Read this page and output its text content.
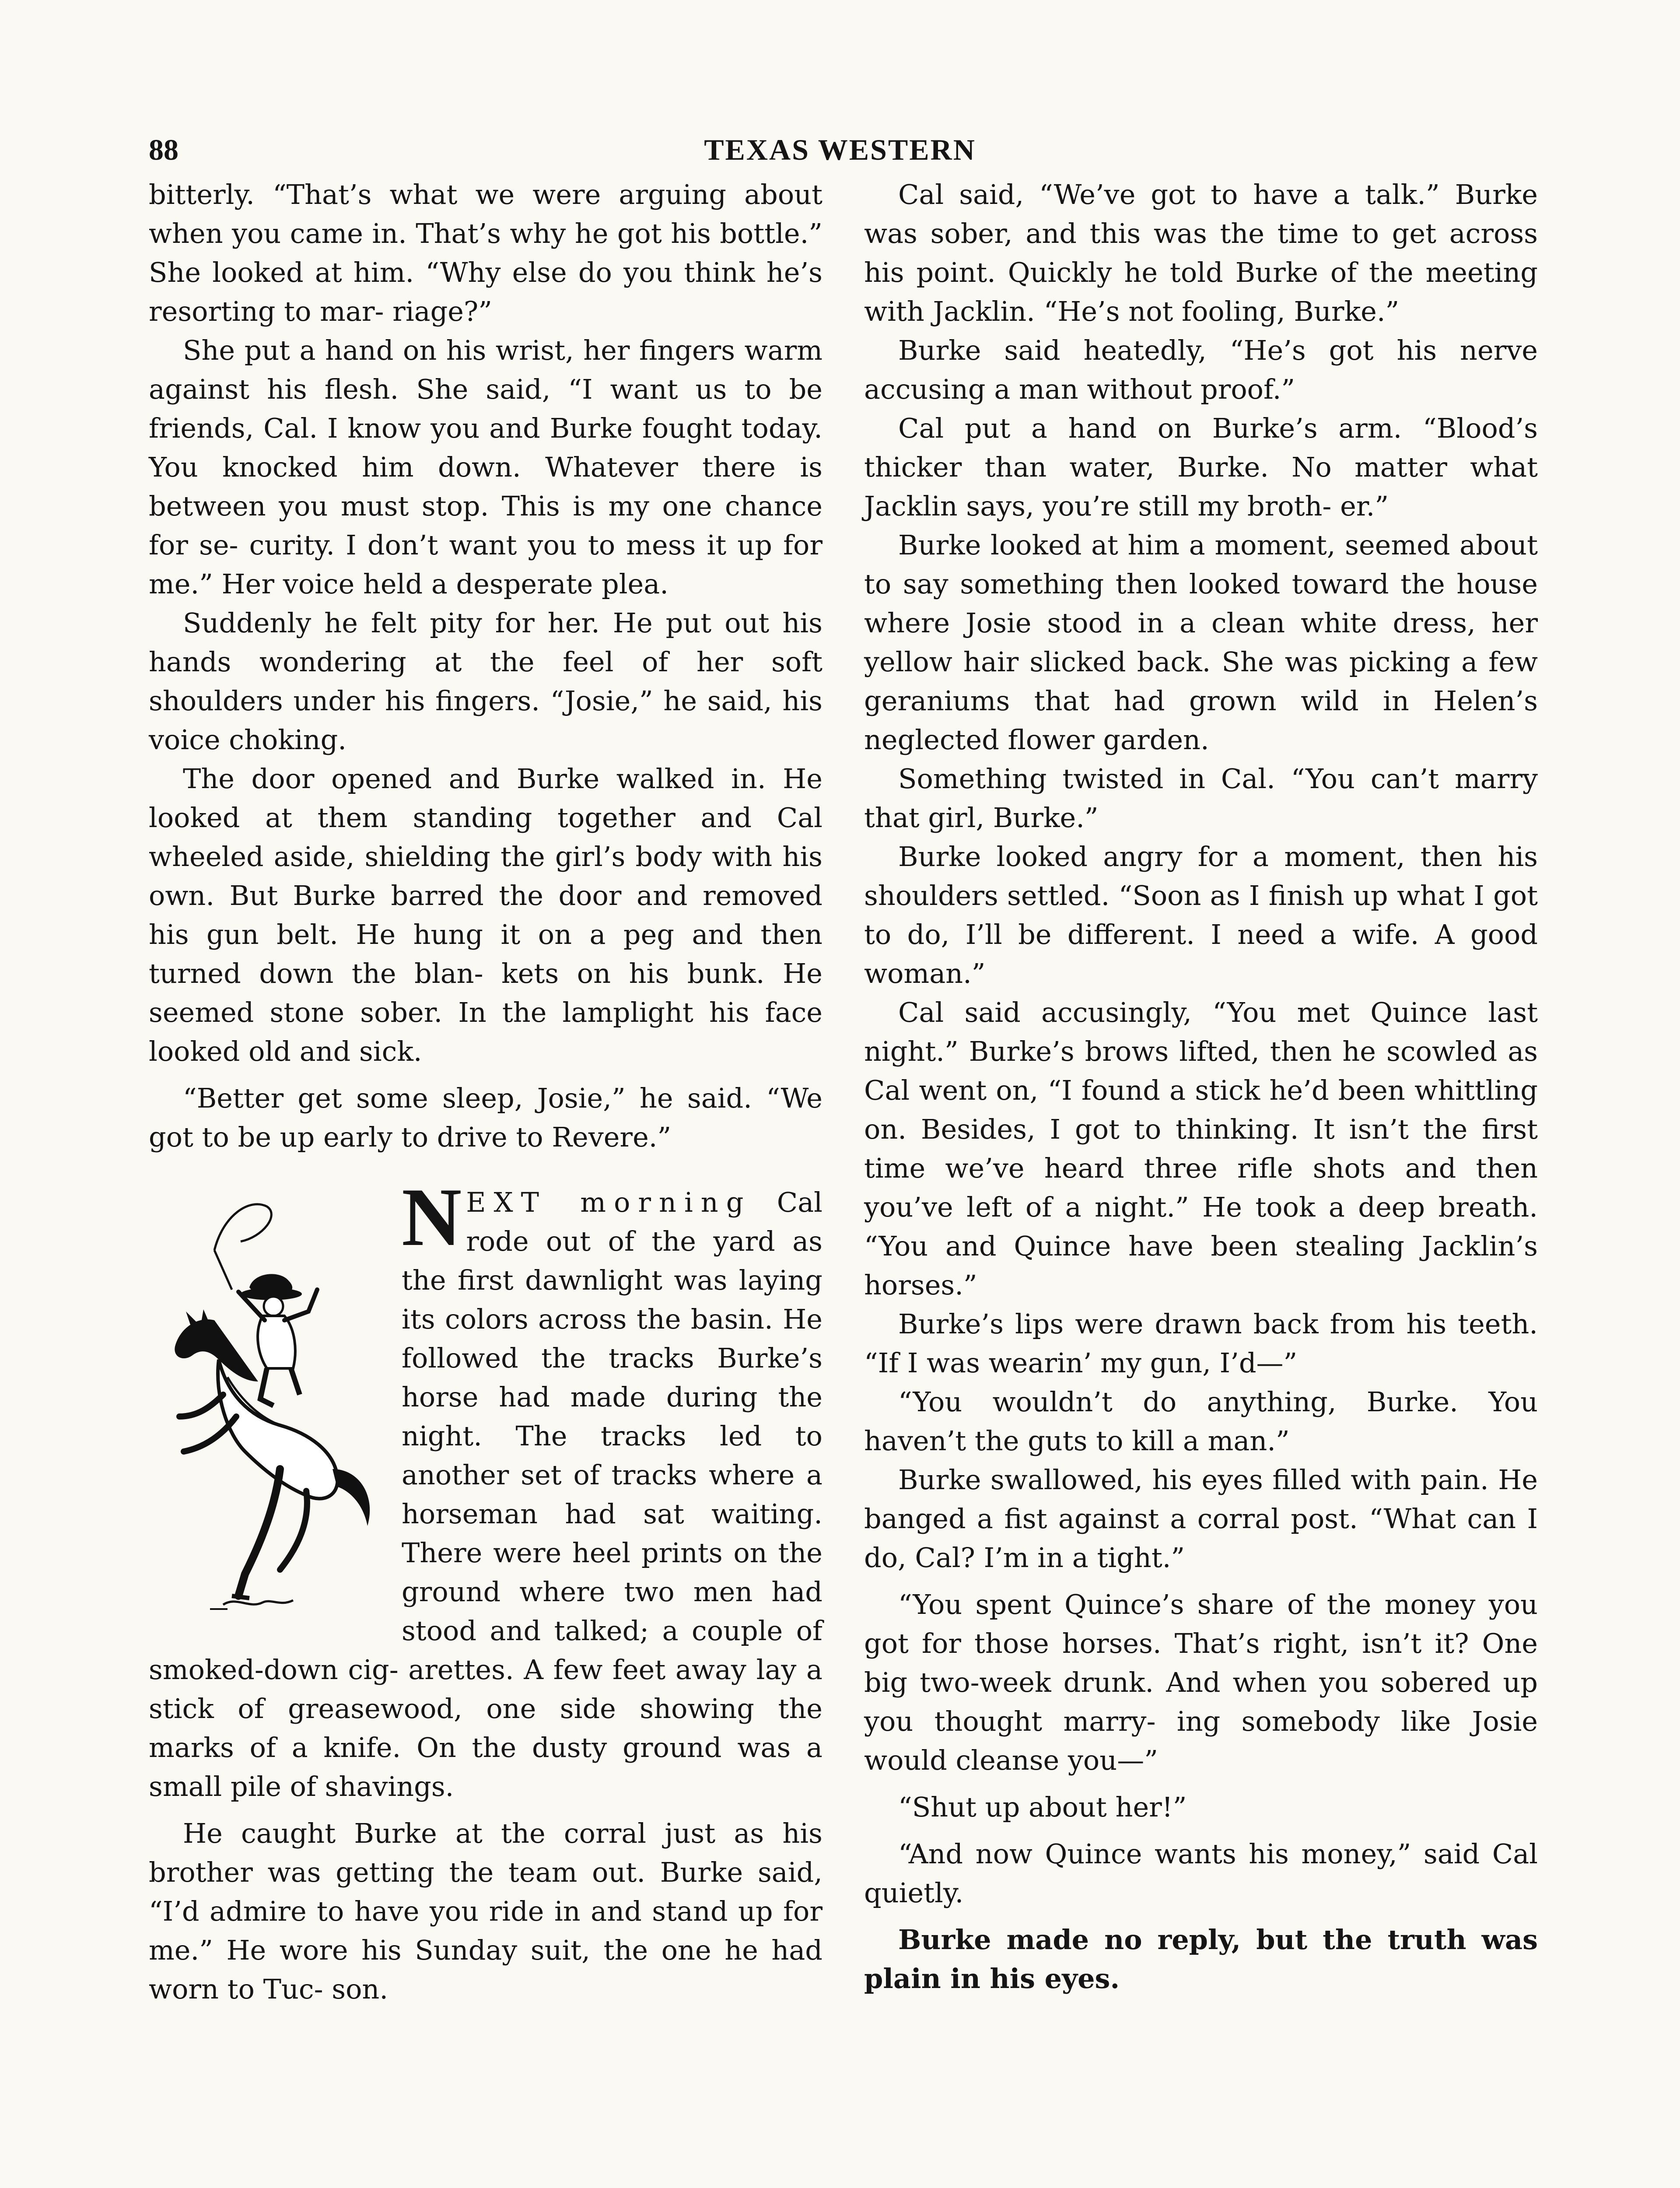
88	TEXAS WESTERN

bitterly. “That’s what we were arguing about when you came in. That’s why he got his bottle.” She looked at him. “Why else do you think he’s resorting to mar- riage?”

She put a hand on his wrist, her fingers warm against his flesh. She said, “I want us to be friends, Cal. I know you and Burke fought today. You knocked him down. Whatever there is between you must stop. This is my one chance for se- curity. I don’t want you to mess it up for me.” Her voice held a desperate plea.

Suddenly he felt pity for her. He put out his hands wondering at the feel of her soft shoulders under his fingers. “Josie,” he said, his voice choking.

The door opened and Burke walked in. He looked at them standing together and Cal wheeled aside, shielding the girl’s body with his own. But Burke barred the door and removed his gun belt. He hung it on a peg and then turned down the blan- kets on his bunk. He seemed stone sober. In the lamplight his face looked old and sick.

“Better get some sleep, Josie,” he said. “We got to be up early to drive to Revere.”

NEXT morning Cal rode out of the yard as the first dawnlight was laying its colors across the basin. He followed the tracks Burke’s horse had made during the night. The tracks led to another set of tracks where a horseman had sat waiting. There were heel prints on the ground where two men had stood and talked; a couple of smoked-down cig- arettes. A few feet away lay a stick of greasewood, one side showing the marks of a knife. On the dusty ground was a small pile of shavings.

He caught Burke at the corral just as his brother was getting the team out. Burke said, “I’d admire to have you ride in and stand up for me.” He wore his Sunday suit, the one he had worn to Tuc- son.

Cal said, “We’ve got to have a talk.” Burke was sober, and this was the time to get across his point. Quickly he told Burke of the meeting with Jacklin. “He’s not fooling, Burke.”

Burke said heatedly, “He’s got his nerve accusing a man without proof.”

Cal put a hand on Burke’s arm. “Blood’s thicker than water, Burke. No matter what Jacklin says, you’re still my broth- er.”

Burke looked at him a moment, seemed about to say something then looked toward the house where Josie stood in a clean white dress, her yellow hair slicked back. She was picking a few geraniums that had grown wild in Helen’s neglected flower garden.

Something twisted in Cal. “You can’t marry that girl, Burke.”

Burke looked angry for a moment, then his shoulders settled. “Soon as I finish up what I got to do, I’ll be different. I need a wife. A good woman.”

Cal said accusingly, “You met Quince last night.” Burke’s brows lifted, then he scowled as Cal went on, “I found a stick he’d been whittling on. Besides, I got to thinking. It isn’t the first time we’ve heard three rifle shots and then you’ve left of a night.” He took a deep breath. “You and Quince have been stealing Jacklin’s horses.”

Burke’s lips were drawn back from his teeth. “If I was wearin’ my gun, I’d—”

“You wouldn’t do anything, Burke. You haven’t the guts to kill a man.”

Burke swallowed, his eyes filled with pain. He banged a fist against a corral post. “What can I do, Cal? I’m in a tight.”

“You spent Quince’s share of the money you got for those horses. That’s right, isn’t it? One big two-week drunk. And when you sobered up you thought marry- ing somebody like Josie would cleanse you—”

“Shut up about her!”

“And now Quince wants his money,” said Cal quietly.

Burke made no reply, but the truth was plain in his eyes.
